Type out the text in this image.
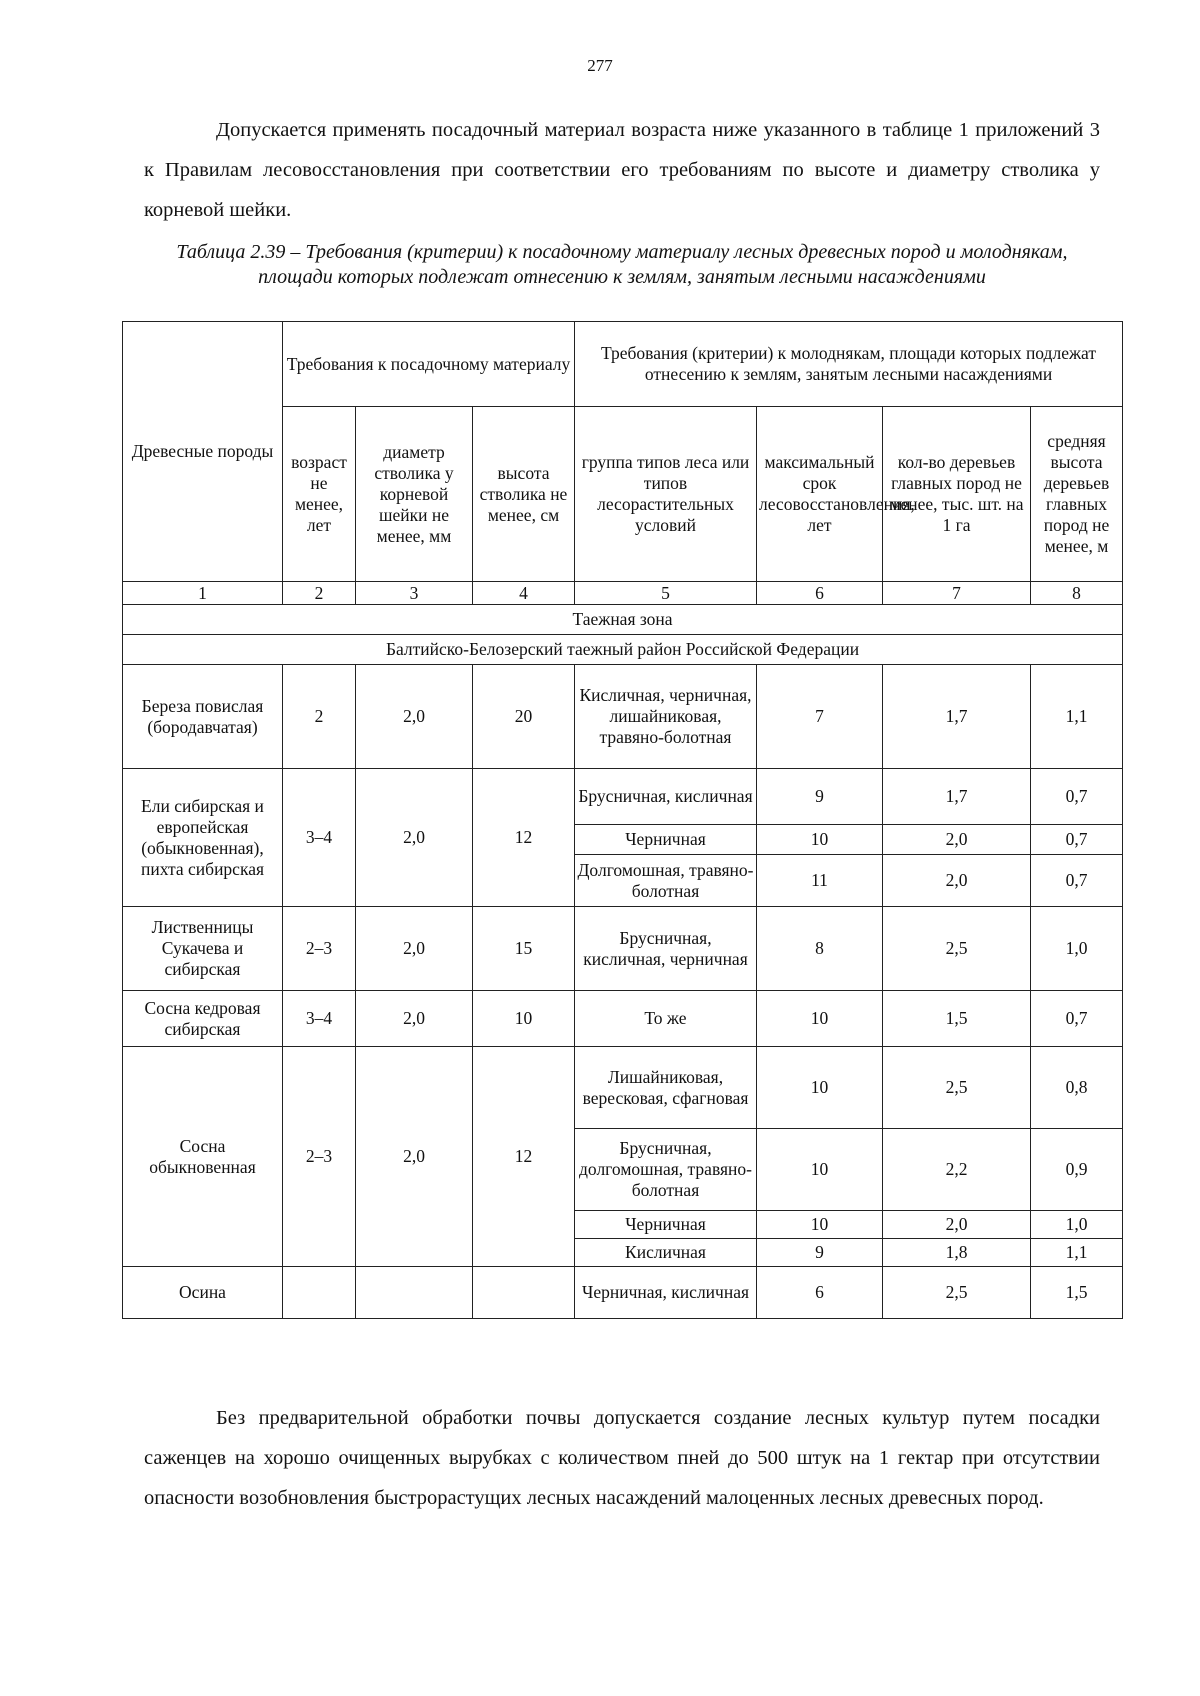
277

Допускается применять посадочный материал возраста ниже указанного в таблице 1 приложений 3 к Правилам лесовосстановления при соответствии его требованиям по высоте и диаметру стволика у корневой шейки.

Таблица 2.39 – Требования (критерии) к посадочному материалу лесных древесных пород и молоднякам, площади которых подлежат отнесению к землям, занятым лесными насаждениями

Древесные породы	Требования к посадочному материалу			Требования (критерии) к молоднякам, площади которых подлежат отнесению к землям, занятым лесными насаждениями			
	возраст не менее, лет	диаметр стволика у корневой шейки не менее, мм	высота стволика не менее, см	группа типов леса или типов лесорастительных условий	максимальный срок лесовосстановления, лет	кол-во деревьев главных пород не менее, тыс. шт. на 1 га	средняя высота деревьев главных пород не менее, м
1	2	3	4	5	6	7	8
Таежная зона							
Балтийско-Белозерский таежный район Российской Федерации							
Береза повислая (бородавчатая)	2	2,0	20	Кисличная, черничная, лишайниковая, травяно-болотная	7	1,7	1,1
Ели сибирская и европейская (обыкновенная), пихта сибирская	3–4	2,0	12	Брусничная, кисличная	9	1,7	0,7
				Черничная	10	2,0	0,7
				Долгомошная, травяно-болотная	11	2,0	0,7
Лиственницы Сукачева и сибирская	2–3	2,0	15	Брусничная, кисличная, черничная	8	2,5	1,0
Сосна кедровая сибирская	3–4	2,0	10	То же	10	1,5	0,7
Сосна обыкновенная	2–3	2,0	12	Лишайниковая, вересковая, сфагновая	10	2,5	0,8
				Брусничная, долгомошная, травяно-болотная	10	2,2	0,9
				Черничная	10	2,0	1,0
				Кисличная	9	1,8	1,1
Осина				Черничная, кисличная	6	2,5	1,5

Без предварительной обработки почвы допускается создание лесных культур путем посадки саженцев на хорошо очищенных вырубках с количеством пней до 500 штук на 1 гектар при отсутствии опасности возобновления быстрорастущих лесных насаждений малоценных лесных древесных пород.
